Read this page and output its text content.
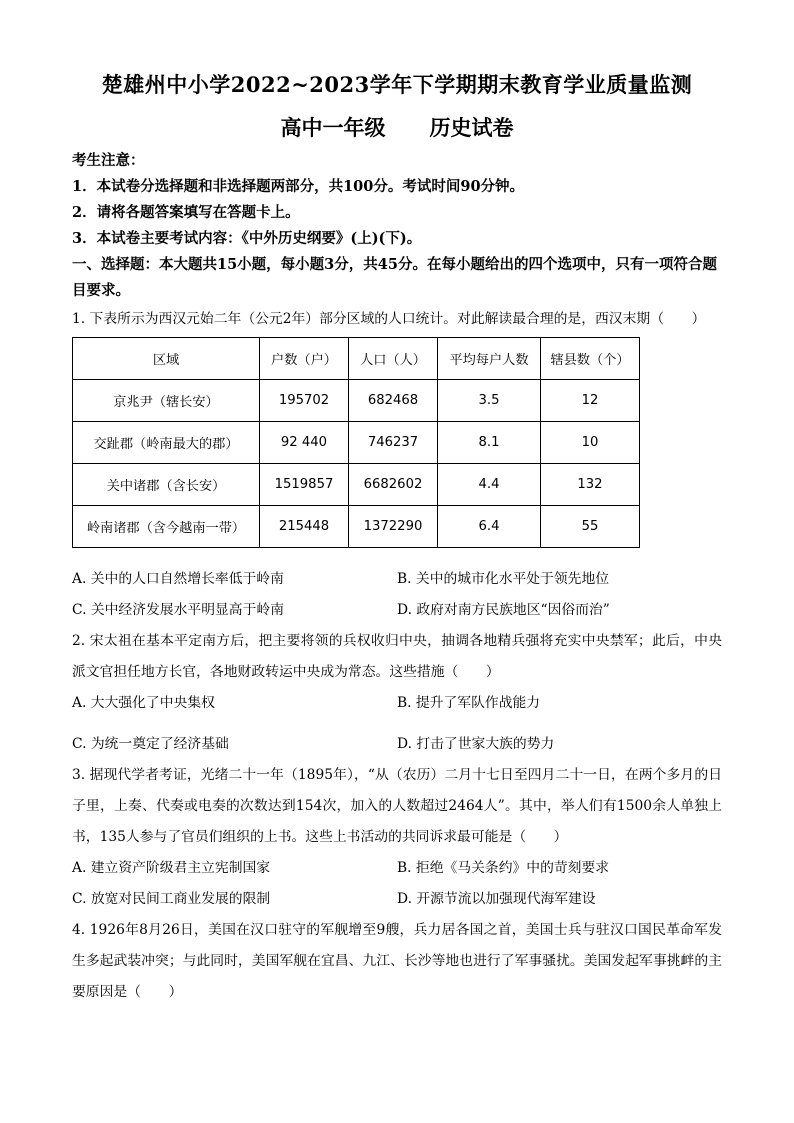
楚雄州中小学2022~2023学年下学期期末教育学业质量监测
高中一年级 历史试卷
考生注意：
1．本试卷分选择题和非选择题两部分，共100分。考试时间90分钟。
2．请将各题答案填写在答题卡上。
3．本试卷主要考试内容：《中外历史纲要》(上)(下)。
一、选择题：本大题共15小题，每小题3分，共45分。在每小题给出的四个选项中，只有一项符合题目要求。
1. 下表所示为西汉元始二年（公元2年）部分区域的人口统计。对此解读最合理的是，西汉末期（　　）
区域	户数（户）	人口（人）	平均每户人数	辖县数（个）
京兆尹（辖长安）	195702	682468	3.5	12
交趾郡（岭南最大的郡）	92 440	746237	8.1	10
关中诸郡（含长安）	1519857	6682602	4.4	132
岭南诸郡（含今越南一带）	215448	1372290	6.4	55
A. 关中的人口自然增长率低于岭南	B. 关中的城市化水平处于领先地位
C. 关中经济发展水平明显高于岭南	D. 政府对南方民族地区“因俗而治”
2. 宋太祖在基本平定南方后，把主要将领的兵权收归中央，抽调各地精兵强将充实中央禁军；此后，中央派文官担任地方长官，各地财政转运中央成为常态。这些措施（　　）
A. 大大强化了中央集权	B. 提升了军队作战能力
C. 为统一奠定了经济基础	D. 打击了世家大族的势力
3. 据现代学者考证，光绪二十一年（1895年），“从（农历）二月十七日至四月二十一日，在两个多月的日子里，上奏、代奏或电奏的次数达到154次，加入的人数超过2464人”。其中，举人们有1500余人单独上书，135人参与了官员们组织的上书。这些上书活动的共同诉求最可能是（　　）
A. 建立资产阶级君主立宪制国家	B. 拒绝《马关条约》中的苛刻要求
C. 放宽对民间工商业发展的限制	D. 开源节流以加强现代海军建设
4. 1926年8月26日，美国在汉口驻守的军舰增至9艘，兵力居各国之首，美国士兵与驻汉口国民革命军发生多起武装冲突；与此同时，美国军舰在宜昌、九江、长沙等地也进行了军事骚扰。美国发起军事挑衅的主要原因是（　　）
